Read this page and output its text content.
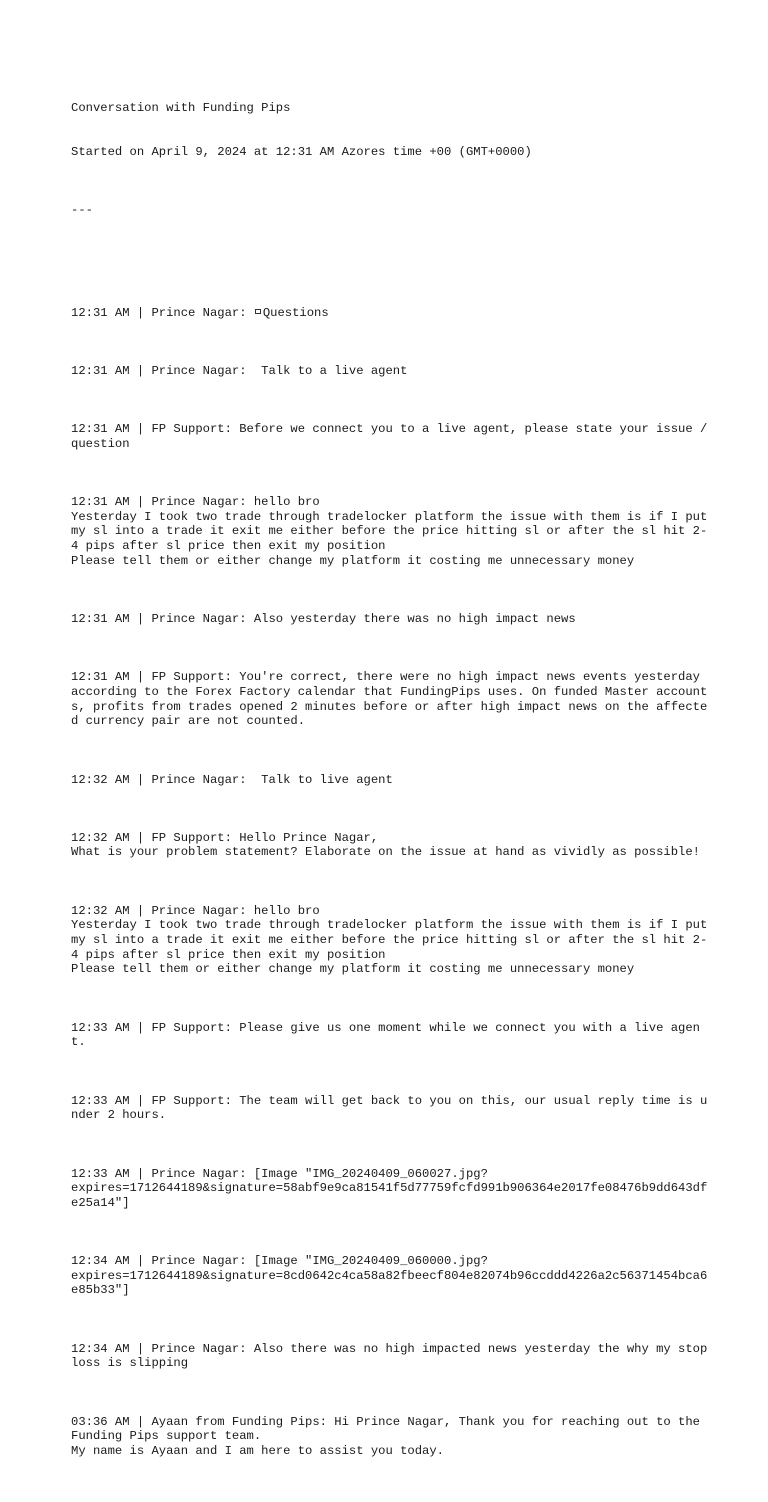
Conversation with Funding Pips

Started on April 9, 2024 at 12:31 AM Azores time +00 (GMT+0000)

---

12:31 AM | Prince Nagar: Questions

12:31 AM | Prince Nagar:  Talk to a live agent

12:31 AM | FP Support: Before we connect you to a live agent, please state your issue / question

12:31 AM | Prince Nagar: hello bro
Yesterday I took two trade through tradelocker platform the issue with them is if I put my sl into a trade it exit me either before the price hitting sl or after the sl hit 2-4 pips after sl price then exit my position
Please tell them or either change my platform it costing me unnecessary money

12:31 AM | Prince Nagar: Also yesterday there was no high impact news

12:31 AM | FP Support: You're correct, there were no high impact news events yesterday according to the Forex Factory calendar that FundingPips uses. On funded Master accounts, profits from trades opened 2 minutes before or after high impact news on the affected currency pair are not counted.

12:32 AM | Prince Nagar:  Talk to live agent

12:32 AM | FP Support: Hello Prince Nagar,
What is your problem statement? Elaborate on the issue at hand as vividly as possible!

12:32 AM | Prince Nagar: hello bro
Yesterday I took two trade through tradelocker platform the issue with them is if I put my sl into a trade it exit me either before the price hitting sl or after the sl hit 2-4 pips after sl price then exit my position
Please tell them or either change my platform it costing me unnecessary money

12:33 AM | FP Support: Please give us one moment while we connect you with a live agent.

12:33 AM | FP Support: The team will get back to you on this, our usual reply time is under 2 hours.

12:33 AM | Prince Nagar: [Image "IMG_20240409_060027.jpg?
expires=1712644189&signature=58abf9e9ca81541f5d77759fcfd991b906364e2017fe08476b9dd643dfe25a14"]

12:34 AM | Prince Nagar: [Image "IMG_20240409_060000.jpg?
expires=1712644189&signature=8cd0642c4ca58a82fbeecf804e82074b96ccddd4226a2c56371454bca6e85b33"]

12:34 AM | Prince Nagar: Also there was no high impacted news yesterday the why my stoploss is slipping

03:36 AM | Ayaan from Funding Pips: Hi Prince Nagar, Thank you for reaching out to the Funding Pips support team.
My name is Ayaan and I am here to assist you today.
